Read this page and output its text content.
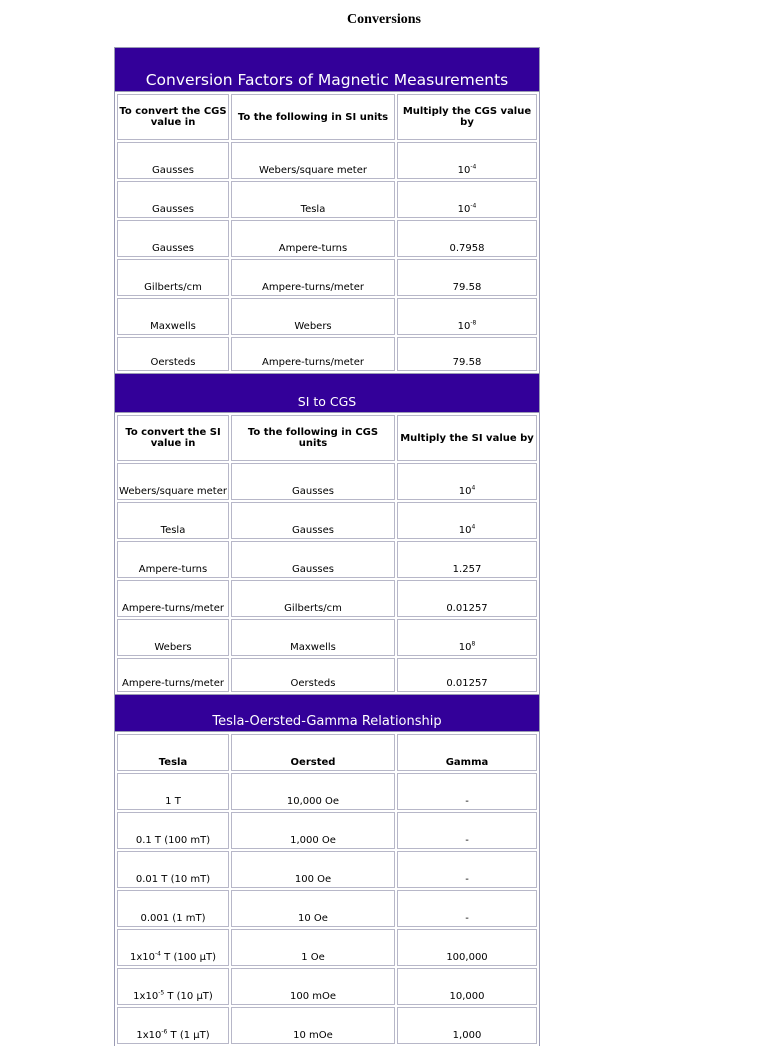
Conversions
Conversion Factors of Magnetic Measurements
To convert the CGS value in	To the following in SI units	Multiply the CGS value by
Gausses	Webers/square meter	$10^{-4}$
Gausses	Tesla	$10^{-4}$
Gausses	Ampere-turns	0.7958
Gilberts/cm	Ampere-turns/meter	79.58
Maxwells	Webers	$10^{-8}$
Oersteds	Ampere-turns/meter	79.58
SI to CGS
To convert the SI value in	To the following in CGS units	Multiply the SI value by
Webers/square meter	Gausses	$10^4$
Tesla	Gausses	$10^4$
Ampere-turns	Gausses	1.257
Ampere-turns/meter	Gilberts/cm	0.01257
Webers	Maxwells	$10^8$
Ampere-turns/meter	Oersteds	0.01257
Tesla-Oersted-Gamma Relationship
Tesla	Oersted	Gamma
1 T	10,000 Oe	-
0.1 T (100 mT)	1,000 Oe	-
0.01 T (10 mT)	100 Oe	-
0.001 (1 mT)	10 Oe	-
$1x10^{-4}$ T (100 µT)	1 Oe	100,000
$1x10^{-5}$ T (10 µT)	100 mOe	10,000
$1x10^{-6}$ T (1 µT)	10 mOe	1,000
